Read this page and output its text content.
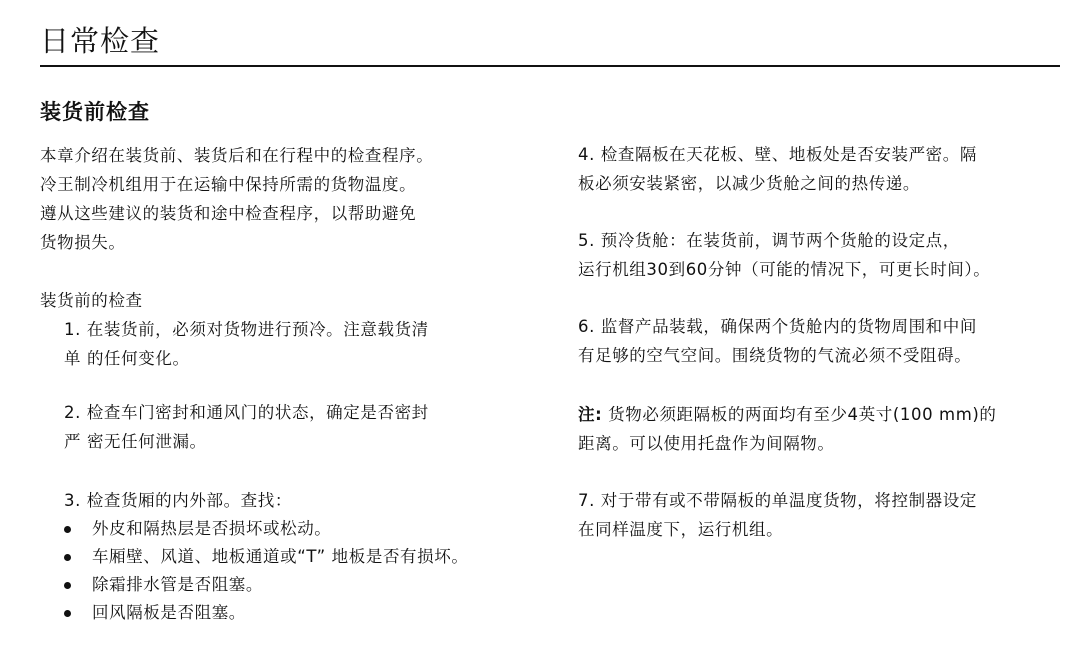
日常检查
装货前检查

本章介绍在装货前、装货后和在行程中的检查程序。
冷王制冷机组用于在运输中保持所需的货物温度。
遵从这些建议的装货和途中检查程序，以帮助避免
货物损失。

装货前的检查

1. 在装货前，必须对货物进行预冷。注意载货清
单 的任何变化。

2. 检查车门密封和通风门的状态，确定是否密封
严 密无任何泄漏。

3. 检查货厢的内外部。查找：

外皮和隔热层是否损坏或松动。
车厢壁、风道、地板通道或“T” 地板是否有损坏。
除霜排水管是否阻塞。
回风隔板是否阻塞。

4. 检查隔板在天花板、壁、地板处是否安装严密。隔
板必须安装紧密，以减少货舱之间的热传递。

5. 预冷货舱：在装货前，调节两个货舱的设定点，
运行机组30到60分钟（可能的情况下，可更长时间）。

6. 监督产品装载，确保两个货舱内的货物周围和中间
有足够的空气空间。围绕货物的气流必须不受阻碍。

注: 货物必须距隔板的两面均有至少4英寸(100 mm)的
距离。可以使用托盘作为间隔物。

7. 对于带有或不带隔板的单温度货物，将控制器设定
在同样温度下，运行机组。
